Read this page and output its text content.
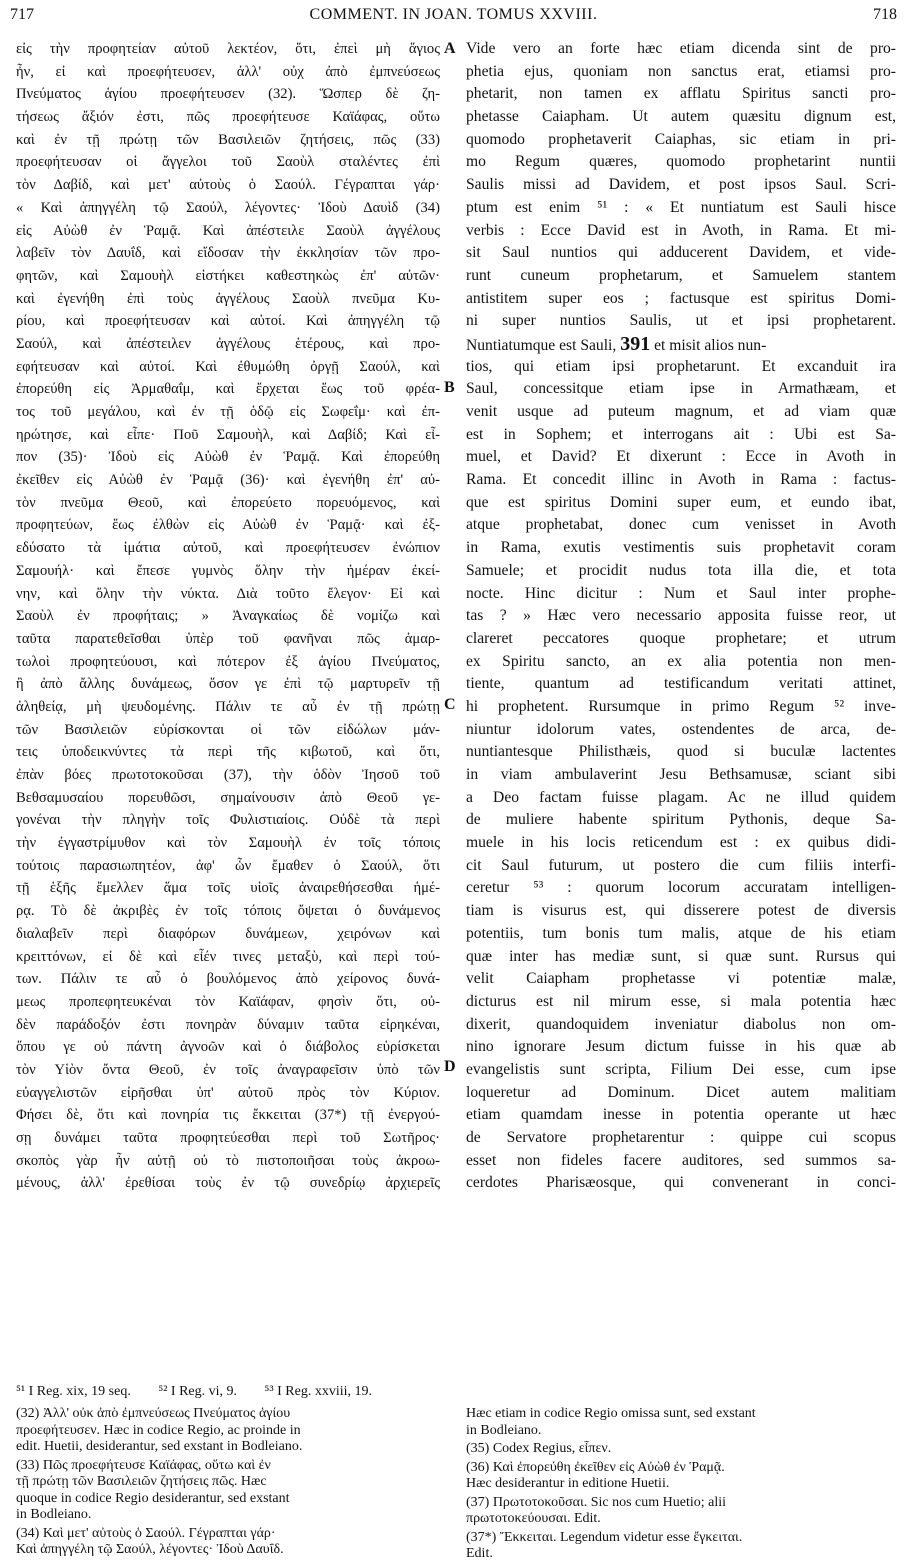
717	COMMENT. IN JOAN. TOMUS XXVIII.	718
εἰς τὴν προφητείαν αὐτοῦ λεκτέον, ὅτι, ἐπεὶ μὴ ἅγιος
ἦν, εἰ καὶ προεφήτευσεν, ἀλλ' οὐχ ἀπὸ ἐμπνεύσεως
Πνεύματος ἁγίου προεφήτευσεν (32). Ὥσπερ δὲ ζη-
τήσεως ἄξιόν ἐστι, πῶς προεφήτευσε Καϊάφας, οὕτω
καὶ ἐν τῇ πρώτῃ τῶν Βασιλειῶν ζητήσεις, πῶς (33)
προεφήτευσαν οἱ ἄγγελοι τοῦ Σαοὺλ σταλέντες ἐπὶ
τὸν Δαβίδ, καὶ μετ' αὐτοὺς ὁ Σαούλ. Γέγραπται γάρ·
« Καὶ ἀπηγγέλη τῷ Σαούλ, λέγοντες· Ἰδοὺ Δαυὶδ (34)
εἰς Αὐὼθ ἐν Ῥαμᾷ. Καὶ ἀπέστειλε Σαοὺλ ἀγγέλους
λαβεῖν τὸν Δαυΐδ, καὶ εἴδοσαν τὴν ἐκκλησίαν τῶν προ-
φητῶν, καὶ Σαμουὴλ εἱστήκει καθεστηκὼς ἐπ' αὐτῶν·
καὶ ἐγενήθη ἐπὶ τοὺς ἀγγέλους Σαοὺλ πνεῦμα Κυ-
ρίου, καὶ προεφήτευσαν καὶ αὐτοί. Καὶ ἀπηγγέλη τῷ
Σαούλ, καὶ ἀπέστειλεν ἀγγέλους ἑτέρους, καὶ προ-
εφήτευσαν καὶ αὐτοί. Καὶ ἐθυμώθη ὀργῇ Σαούλ, καὶ
ἐπορεύθη εἰς Ἀρμαθαΐμ, καὶ ἔρχεται ἕως τοῦ φρέα-
τος τοῦ μεγάλου, καὶ ἐν τῇ ὁδῷ εἰς Σωφεΐμ· καὶ ἐπ-
ηρώτησε, καὶ εἶπε· Ποῦ Σαμουὴλ, καὶ Δαβίδ; Καὶ εἶ-
πον (35)· Ἰδοὺ εἰς Αὐὼθ ἐν Ῥαμᾷ. Καὶ ἐπορεύθη
ἐκεῖθεν εἰς Αὐὼθ ἐν Ῥαμᾷ (36)· καὶ ἐγενήθη ἐπ' αὐ-
τὸν πνεῦμα Θεοῦ, καὶ ἐπορεύετο πορευόμενος, καὶ
προφητεύων, ἕως ἐλθὼν εἰς Αὐὼθ ἐν Ῥαμᾷ· καὶ ἐξ-
εδύσατο τὰ ἱμάτια αὐτοῦ, καὶ προεφήτευσεν ἐνώπιον
Σαμουήλ· καὶ ἔπεσε γυμνὸς ὅλην τὴν ἡμέραν ἐκεί-
νην, καὶ ὅλην τὴν νύκτα. Διὰ τοῦτο ἔλεγον· Εἰ καὶ
Σαοὺλ ἐν προφήταις; » Ἀναγκαίως δὲ νομίζω καὶ
ταῦτα παρατεθεῖσθαι ὑπὲρ τοῦ φανῆναι πῶς ἁμαρ-
τωλοὶ προφητεύουσι, καὶ πότερον ἐξ ἁγίου Πνεύματος,
ἢ ἀπὸ ἄλλης δυνάμεως, ὅσον γε ἐπὶ τῷ μαρτυρεῖν τῇ
ἀληθείᾳ, μὴ ψευδομένης. Πάλιν τε αὖ ἐν τῇ πρώτῃ
τῶν Βασιλειῶν εὑρίσκονται οἱ τῶν εἰδώλων μάν-
τεις ὑποδεικνύντες τὰ περὶ τῆς κιβωτοῦ, καὶ ὅτι,
ἐπὰν βόες πρωτοτοκοῦσαι (37), τὴν ὁδὸν Ἰησοῦ τοῦ
Βεθσαμυσαίου πορευθῶσι, σημαίνουσιν ἀπὸ Θεοῦ γε-
γονέναι τὴν πληγὴν τοῖς Φυλιστιαίοις. Οὐδὲ τὰ περὶ
τὴν ἐγγαστρίμυθον καὶ τὸν Σαμουὴλ ἐν τοῖς τόποις
τούτοις παρασιωπητέον, ἀφ' ὧν ἔμαθεν ὁ Σαούλ, ὅτι
τῇ ἑξῆς ἔμελλεν ἅμα τοῖς υἱοῖς ἀναιρεθήσεσθαι ἡμέ-
ρᾳ. Τὸ δὲ ἀκριβὲς ἐν τοῖς τόποις ὄψεται ὁ δυνάμενος
διαλαβεῖν περὶ διαφόρων δυνάμεων, χειρόνων καὶ
κρειττόνων, εἰ δὲ καὶ εἶέν τινες μεταξὺ, καὶ περὶ τού-
των. Πάλιν τε αὖ ὁ βουλόμενος ἀπὸ χείρονος δυνά-
μεως προπεφητευκέναι τὸν Καϊάφαν, φησὶν ὅτι, οὐ-
δὲν παράδοξόν ἐστι πονηρὰν δύναμιν ταῦτα εἰρηκέναι,
ὅπου γε οὐ πάντη ἀγνοῶν καὶ ὁ διάβολος εὑρίσκεται
τὸν Υἱὸν ὄντα Θεοῦ, ἐν τοῖς ἀναγραφεῖσιν ὑπὸ τῶν
εὐαγγελιστῶν εἰρῆσθαι ὑπ' αὐτοῦ πρὸς τὸν Κύριον.
Φήσει δὲ, ὅτι καὶ πονηρία τις ἔκκειται (37*) τῇ ἐνεργού-
σῃ δυνάμει ταῦτα προφητεύεσθαι περὶ τοῦ Σωτῆρος·
σκοπὸς γὰρ ἦν αὐτῇ οὐ τὸ πιστοποιῆσαι τοὺς ἀκροω-
μένους, ἀλλ' ἐρεθίσαι τοὺς ἐν τῷ συνεδρίῳ ἀρχιερεῖς
Vide vero an forte hæc etiam dicenda sint de pro-
phetia ejus, quoniam non sanctus erat, etiamsi pro-
phetarit, non tamen ex afflatu Spiritus sancti pro-
phetasse Caiapham. Ut autem quæsitu dignum est,
quomodo prophetaverit Caiaphas, sic etiam in pri-
mo Regum quæres, quomodo prophetarint nuntii
Saulis missi ad Davidem, et post ipsos Saul. Scri-
ptum est enim ⁵¹ : « Et nuntiatum est Sauli hisce
verbis : Ecce David est in Avoth, in Rama. Et mi-
sit Saul nuntios qui adducerent Davidem, et vide-
runt cuneum prophetarum, et Samuelem stantem
antistitem super eos ; factusque est spiritus Domi-
ni super nuntios Saulis, ut et ipsi prophetarent.
Nuntiatumque est Sauli, 391 et misit alios nun-
tios, qui etiam ipsi prophetarunt. Et excanduit ira
Saul, concessitque etiam ipse in Armathæam, et
venit usque ad puteum magnum, et ad viam quæ
est in Sophem; et interrogans ait : Ubi est Sa-
muel, et David? Et dixerunt : Ecce in Avoth in
Rama. Et concedit illinc in Avoth in Rama : factus-
que est spiritus Domini super eum, et eundo ibat,
atque prophetabat, donec cum venisset in Avoth
in Rama, exutis vestimentis suis prophetavit coram
Samuele; et procidit nudus tota illa die, et tota
nocte. Hinc dicitur : Num et Saul inter prophe-
tas ? » Hæc vero necessario apposita fuisse reor, ut
clareret peccatores quoque prophetare; et utrum
ex Spiritu sancto, an ex alia potentia non men-
tiente, quantum ad testificandum veritati attinet,
hi prophetent. Rursumque in primo Regum ⁵² inve-
niuntur idolorum vates, ostendentes de arca, de-
nuntiantesque Philisthæis, quod si buculæ lactentes
in viam ambulaverint Jesu Bethsamusæ, sciant sibi
a Deo factam fuisse plagam. Ac ne illud quidem
de muliere habente spiritum Pythonis, deque Sa-
muele in his locis reticendum est : ex quibus didi-
cit Saul futurum, ut postero die cum filiis interfi-
ceretur ⁵³ : quorum locorum accuratam intelligen-
tiam is visurus est, qui disserere potest de diversis
potentiis, tum bonis tum malis, atque de his etiam
quæ inter has mediæ sunt, si quæ sunt. Rursus qui
velit Caiapham prophetasse vi potentiæ malæ,
dicturus est nil mirum esse, si mala potentia hæc
dixerit, quandoquidem inveniatur diabolus non om-
nino ignorare Jesum dictum fuisse in his quæ ab
evangelistis sunt scripta, Filium Dei esse, cum ipse
loqueretur ad Dominum. Dicet autem malitiam
etiam quamdam inesse in potentia operante ut hæc
de Servatore prophetarentur : quippe cui scopus
esset non fideles facere auditores, sed summos sa-
cerdotes Pharisæosque, qui convenerant in conci-
A
B
C
D
⁵¹ I Reg. xix, 19 seq. ⁵² I Reg. vi, 9. ⁵³ I Reg. xxviii, 19.
(32) Ἀλλ' οὐκ ἀπὸ ἐμπνεύσεως Πνεύματος ἁγίου
προεφήτευσεν. Hæc in codice Regio, ac proinde in
edit. Huetii, desiderantur, sed exstant in Bodleiano.
(33) Πῶς προεφήτευσε Καϊάφας, οὕτω καὶ ἐν
τῇ πρώτῃ τῶν Βασιλειῶν ζητήσεις πῶς. Hæc
quoque in codice Regio desiderantur, sed exstant
in Bodleiano.
(34) Καὶ μετ' αὐτοὺς ὁ Σαούλ. Γέγραπται γάρ·
Καὶ ἀπηγγέλη τῷ Σαούλ, λέγοντες· Ἰδοὺ Δαυΐδ.
Hæc etiam in codice Regio omissa sunt, sed exstant
in Bodleiano.
(35) Codex Regius, εἶπεν.
(36) Καὶ ἐπορεύθη ἐκεῖθεν εἰς Αὐὼθ ἐν Ῥαμᾷ.
Hæc desiderantur in editione Huetii.
(37) Πρωτοτοκοῦσαι. Sic nos cum Huetio; alii
πρωτοτοκεύουσαι. Edit.
(37*) Ἔκκειται. Legendum videtur esse ἔγκειται.
Edit.
